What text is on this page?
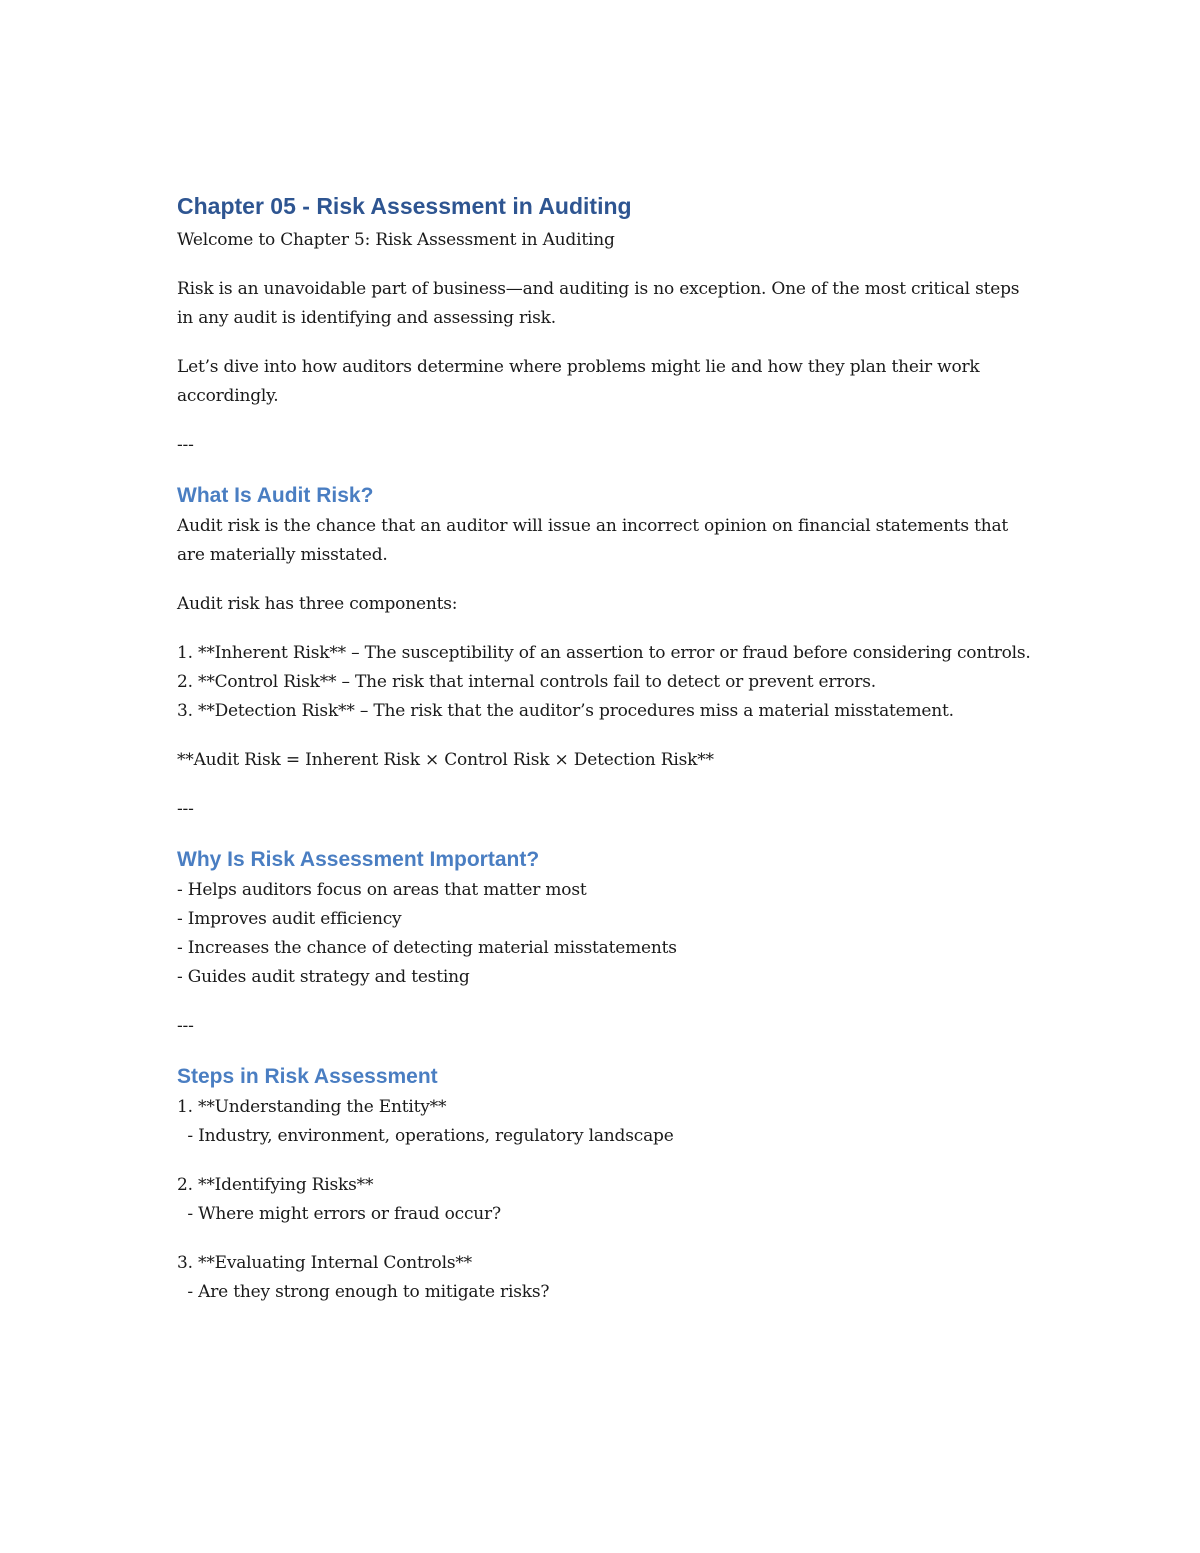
Chapter 05 - Risk Assessment in Auditing

Welcome to Chapter 5: Risk Assessment in Auditing

Risk is an unavoidable part of business—and auditing is no exception. One of the most critical steps in any audit is identifying and assessing risk.

Let’s dive into how auditors determine where problems might lie and how they plan their work accordingly.

---

What Is Audit Risk?

Audit risk is the chance that an auditor will issue an incorrect opinion on financial statements that are materially misstated.

Audit risk has three components:

1. **Inherent Risk** – The susceptibility of an assertion to error or fraud before considering controls.

2. **Control Risk** – The risk that internal controls fail to detect or prevent errors.

3. **Detection Risk** – The risk that the auditor’s procedures miss a material misstatement.

**Audit Risk = Inherent Risk × Control Risk × Detection Risk**

---

Why Is Risk Assessment Important?

- Helps auditors focus on areas that matter most

- Improves audit efficiency

- Increases the chance of detecting material misstatements

- Guides audit strategy and testing

---

Steps in Risk Assessment

1. **Understanding the Entity**

- Industry, environment, operations, regulatory landscape

2. **Identifying Risks**

- Where might errors or fraud occur?

3. **Evaluating Internal Controls**

- Are they strong enough to mitigate risks?
